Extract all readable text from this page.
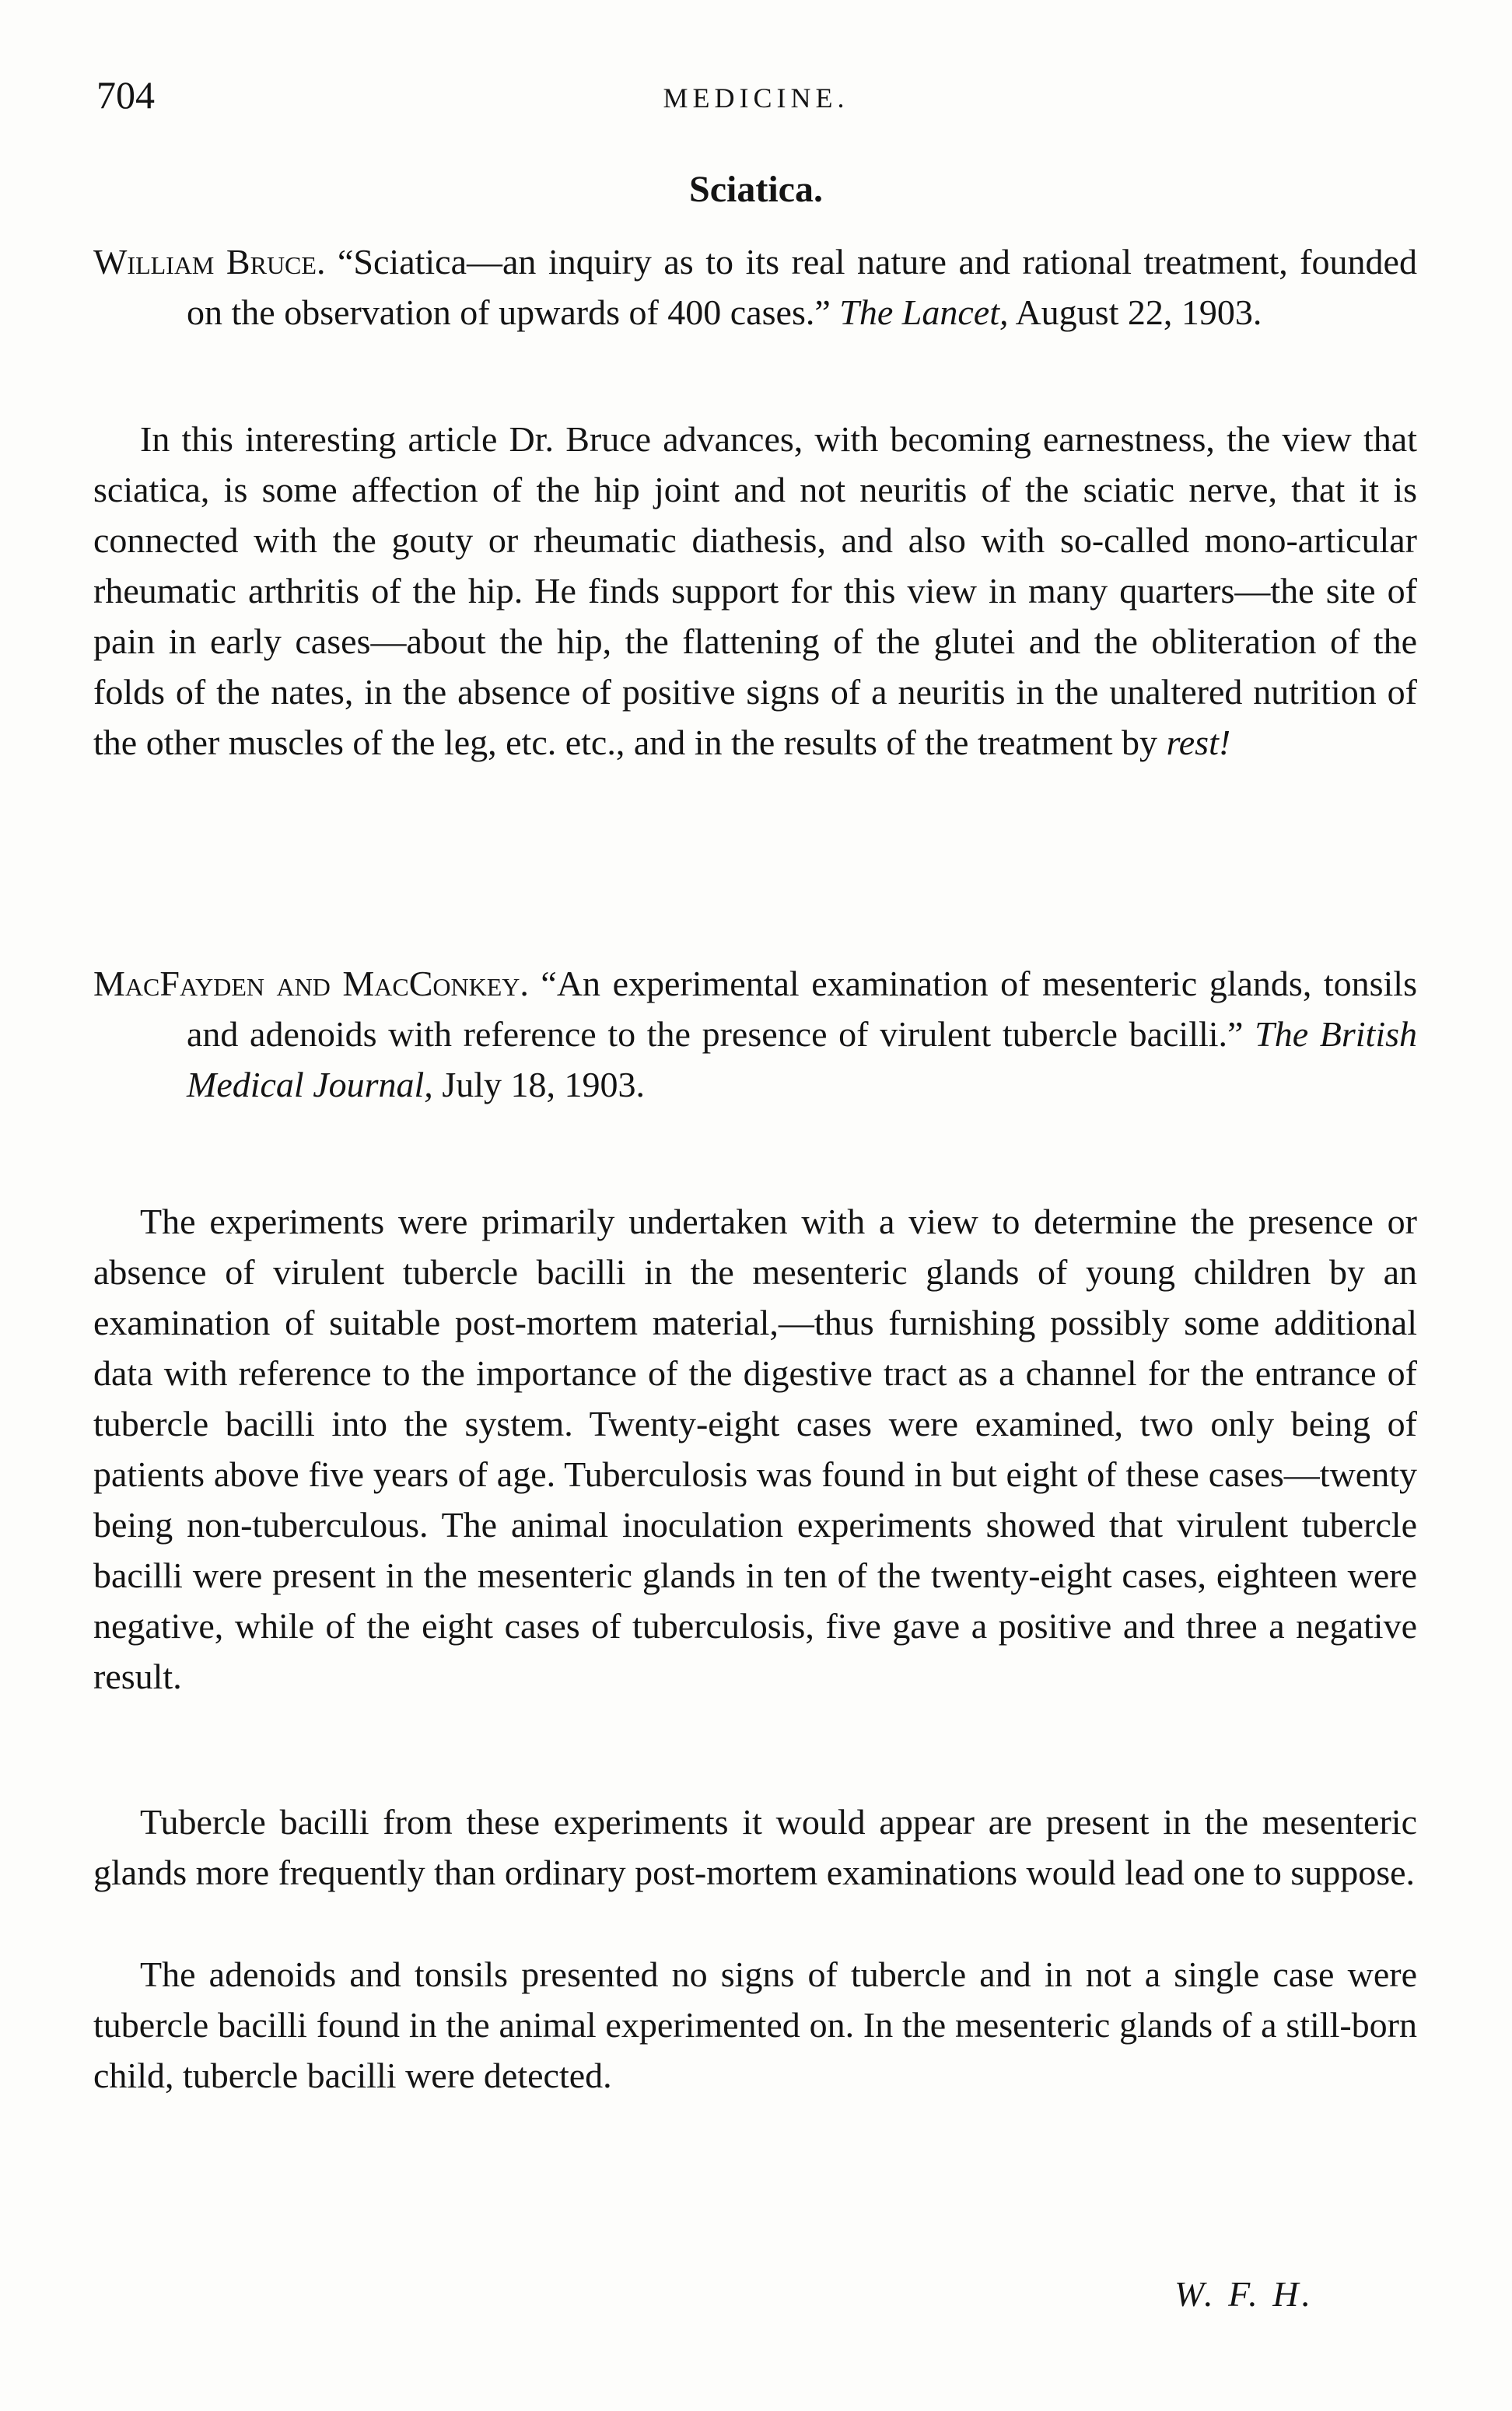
704	MEDICINE.
Sciatica.
William Bruce. “Sciatica—an inquiry as to its real nature and rational treatment, founded on the observation of upwards of 400 cases.” The Lancet, August 22, 1903.
In this interesting article Dr. Bruce advances, with becoming earnestness, the view that sciatica, is some affection of the hip joint and not neuritis of the sciatic nerve, that it is connected with the gouty or rheumatic diathesis, and also with so-called mono-articular rheumatic arthritis of the hip. He finds support for this view in many quarters—the site of pain in early cases—about the hip, the flattening of the glutei and the obliteration of the folds of the nates, in the absence of positive signs of a neuritis in the unaltered nutrition of the other muscles of the leg, etc. etc., and in the results of the treatment by rest!
MacFayden and MacConkey. “An experimental examination of mesenteric glands, tonsils and adenoids with reference to the presence of virulent tubercle bacilli.” The British Medical Journal, July 18, 1903.
The experiments were primarily undertaken with a view to determine the presence or absence of virulent tubercle bacilli in the mesenteric glands of young children by an examination of suitable post-mortem material,—thus furnishing possibly some additional data with reference to the importance of the digestive tract as a channel for the entrance of tubercle bacilli into the system. Twenty-eight cases were examined, two only being of patients above five years of age. Tuberculosis was found in but eight of these cases—twenty being non-tuberculous. The animal inoculation experiments showed that virulent tubercle bacilli were present in the mesenteric glands in ten of the twenty-eight cases, eighteen were negative, while of the eight cases of tuberculosis, five gave a positive and three a negative result.
Tubercle bacilli from these experiments it would appear are present in the mesenteric glands more frequently than ordinary post-mortem examinations would lead one to suppose.
The adenoids and tonsils presented no signs of tubercle and in not a single case were tubercle bacilli found in the animal experimented on. In the mesenteric glands of a still-born child, tubercle bacilli were detected.
W. F. H.
